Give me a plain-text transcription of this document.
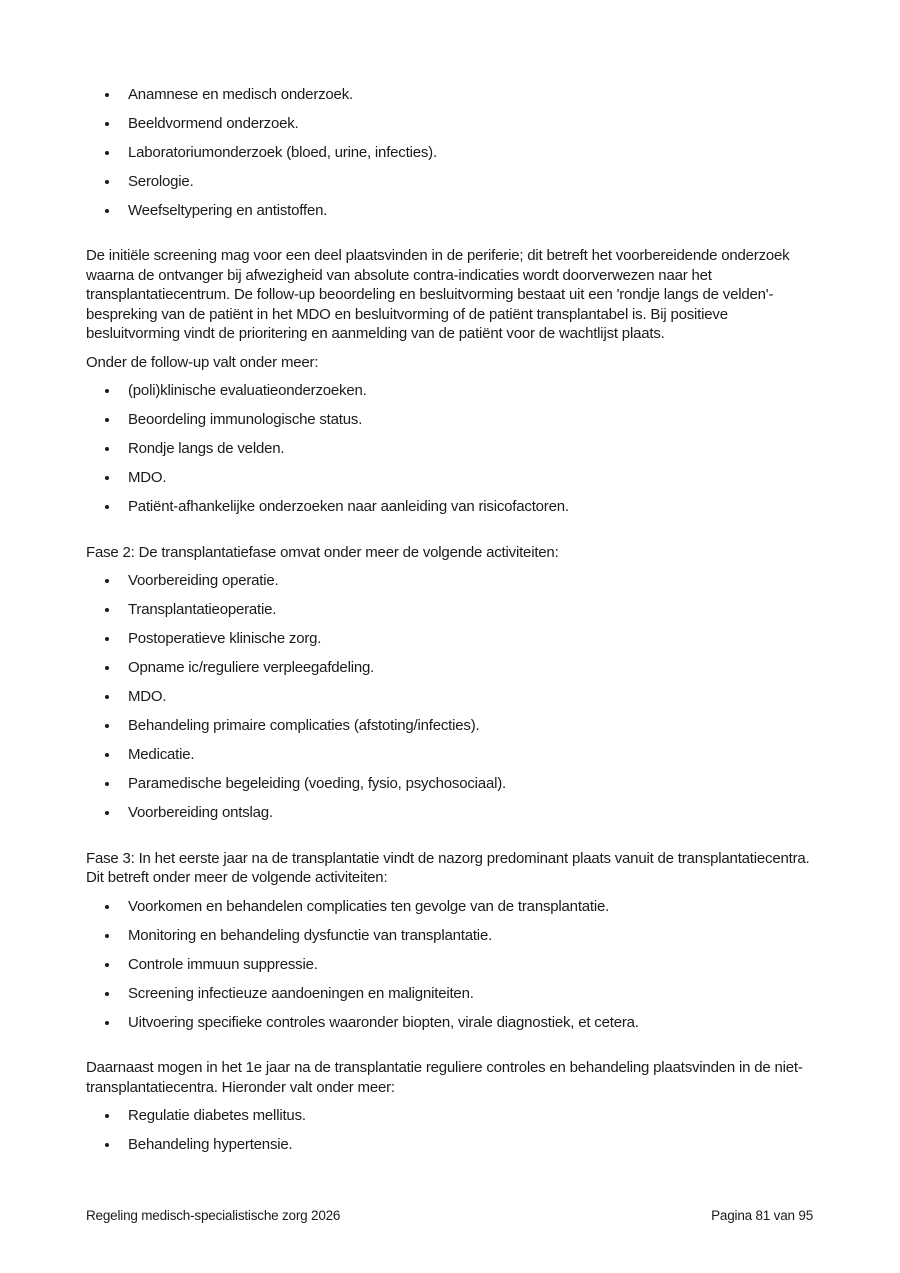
Anamnese en medisch onderzoek.
Beeldvormend onderzoek.
Laboratoriumonderzoek (bloed, urine, infecties).
Serologie.
Weefseltypering en antistoffen.

De initiële screening mag voor een deel plaatsvinden in de periferie; dit betreft het voorbereidende onderzoek waarna de ontvanger bij afwezigheid van absolute contra-indicaties wordt doorverwezen naar het transplantatiecentrum. De follow-up beoordeling en besluitvorming bestaat uit een 'rondje langs de velden'-bespreking van de patiënt in het MDO en besluitvorming of de patiënt transplantabel is. Bij positieve besluitvorming vindt de prioritering en aanmelding van de patiënt voor de wachtlijst plaats.

Onder de follow-up valt onder meer:

(poli)klinische evaluatieonderzoeken.
Beoordeling immunologische status.
Rondje langs de velden.
MDO.
Patiënt-afhankelijke onderzoeken naar aanleiding van risicofactoren.

Fase 2: De transplantatiefase omvat onder meer de volgende activiteiten:

Voorbereiding operatie.
Transplantatieoperatie.
Postoperatieve klinische zorg.
Opname ic/reguliere verpleegafdeling.
MDO.
Behandeling primaire complicaties (afstoting/infecties).
Medicatie.
Paramedische begeleiding (voeding, fysio, psychosociaal).
Voorbereiding ontslag.

Fase 3: In het eerste jaar na de transplantatie vindt de nazorg predominant plaats vanuit de transplantatiecentra. Dit betreft onder meer de volgende activiteiten:

Voorkomen en behandelen complicaties ten gevolge van de transplantatie.
Monitoring en behandeling dysfunctie van transplantatie.
Controle immuun suppressie.
Screening infectieuze aandoeningen en maligniteiten.
Uitvoering specifieke controles waaronder biopten, virale diagnostiek, et cetera.

Daarnaast mogen in het 1e jaar na de transplantatie reguliere controles en behandeling plaatsvinden in de niet-transplantatiecentra. Hieronder valt onder meer:

Regulatie diabetes mellitus.
Behandeling hypertensie.
Regeling medisch-specialistische zorg 2026	Pagina 81 van 95
